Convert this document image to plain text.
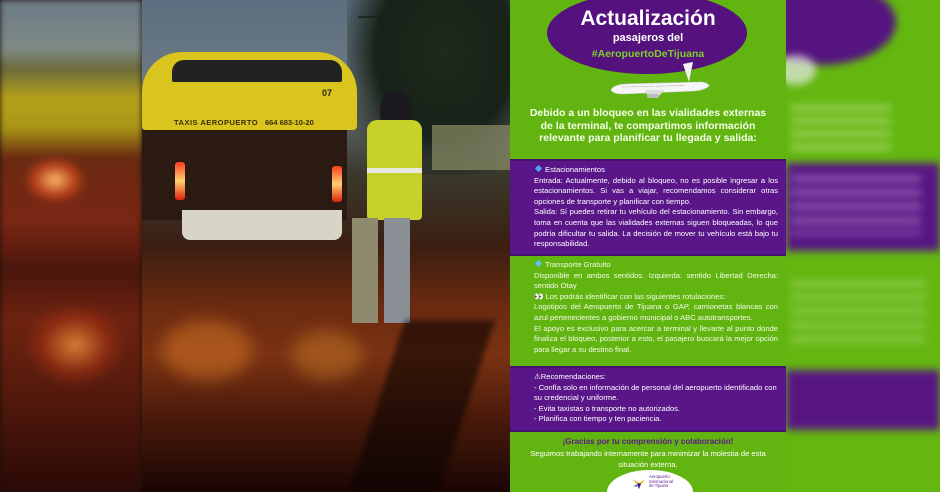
07
TAXIS AEROPUERTO 664 683-10-20
Actualización
pasajeros del
#AeropuertoDeTijuana
Debido a un bloqueo en las vialidades externas de la terminal, te compartimos información relevante para planificar tu llegada y salida:

Estacionamientos

Entrada: Actualmente, debido al bloqueo, no es posible ingresar a los estacionamientos. Si vas a viajar, recomendamos considerar otras opciones de transporte y planificar con tiempo.

Salida: Sí puedes retirar tu vehículo del estacionamiento. Sin embargo, toma en cuenta que las vialidades externas siguen bloqueadas, lo que podría dificultar tu salida. La decisión de mover tu vehículo está bajo tu responsabilidad.

Transporte Gratuito

Disponible en ambos sentidos. Izquierda: sentido Libertad Derecha: sentido Otay

👀 Los podrás identificar con las siguientes rotulaciones:

Logotipos del Aeropuerto de Tijuana o GAP, camionetas blancas con azul pertenecientes a gobierno municipal o ABC autotransportes.

El apoyo es exclusivo para acercar a terminal y llevarte al punto donde finaliza el bloqueo, posterior a esto, el pasajero buscará la mejor opción para llegar a su destino final.

⚠Recomendaciones:

- Confía solo en información de personal del aeropuerto identificado con su credencial y uniforme.

- Evita taxistas o transporte no autorizados.

- Planifica con tiempo y ten paciencia.

¡Gracias por tu comprensión y colaboración!
Seguimos trabajando internamente para minimizar la molestia de esta situación externa.
Aeropuerto
Internacional
de Tijuana
